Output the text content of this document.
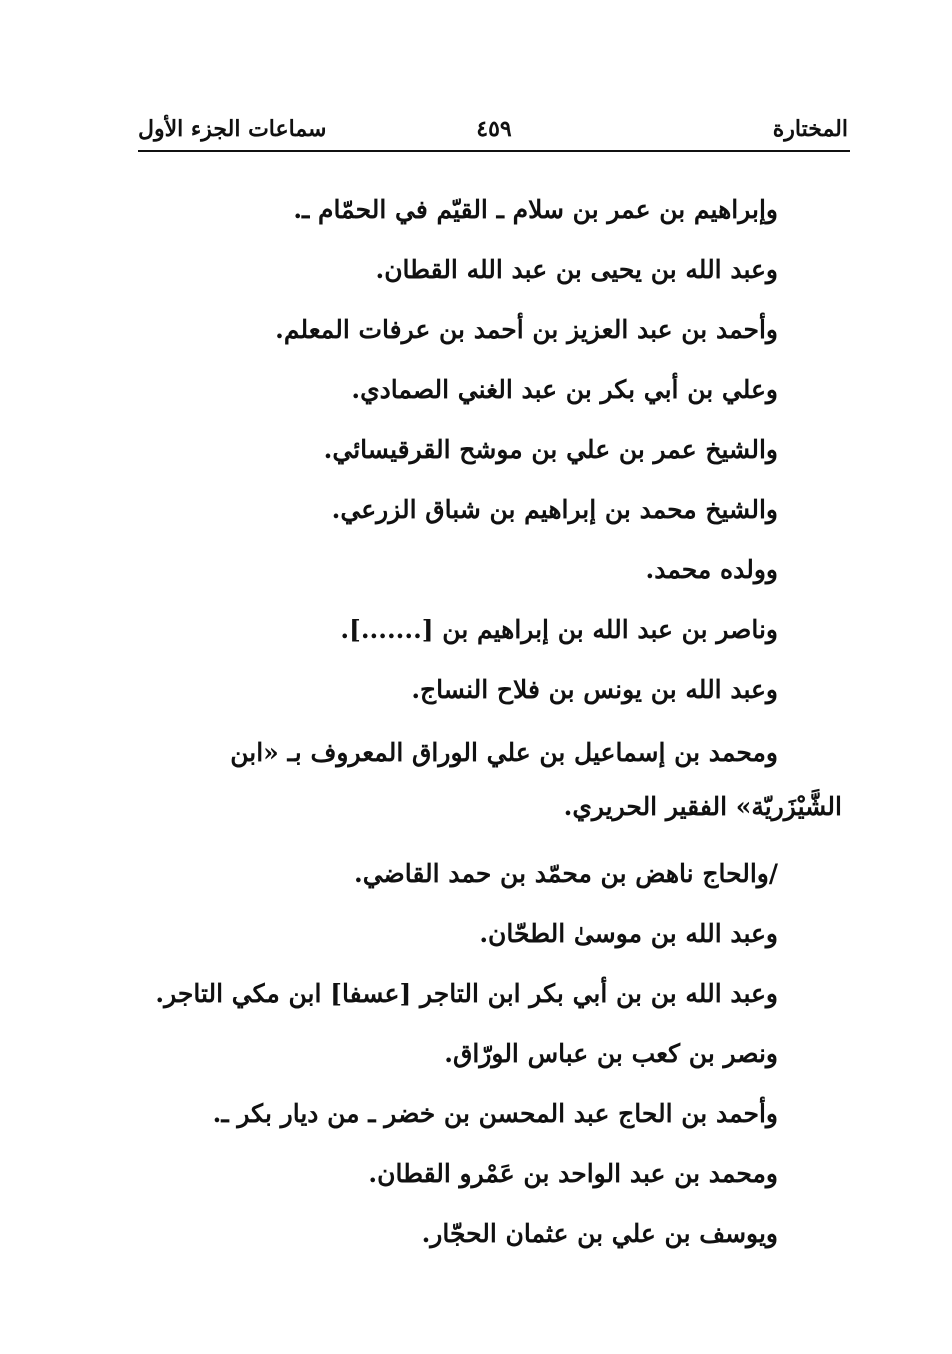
المختارة
٤٥٩
سماعات الجزء الأول
وإبراهيم بن عمر بن سلام ـ القيّم في الحمّام ـ.
وعبد الله بن يحيى بن عبد الله القطان.
وأحمد بن عبد العزيز بن أحمد بن عرفات المعلم.
وعلي بن أبي بكر بن عبد الغني الصمادي.
والشيخ عمر بن علي بن موشح القرقيسائي.
والشيخ محمد بن إبراهيم بن شباق الزرعي.
وولده محمد.
وناصر بن عبد الله بن إبراهيم بن [.......].
وعبد الله بن يونس بن فلاح النساج.
ومحمد بن إسماعيل بن علي الوراق المعروف بـ «ابن الشَّيْزَريّة» الفقير الحريري.
/والحاج ناهض بن محمّد بن حمد القاضي.
وعبد الله بن موسىٰ الطحّان.
وعبد الله بن بن أبي بكر ابن التاجر [عسفا] ابن مكي التاجر.
ونصر بن كعب بن عباس الورّاق.
وأحمد بن الحاج عبد المحسن بن خضر ـ من ديار بكر ـ.
ومحمد بن عبد الواحد بن عَمْرو القطان.
ويوسف بن علي بن عثمان الحجّار.
